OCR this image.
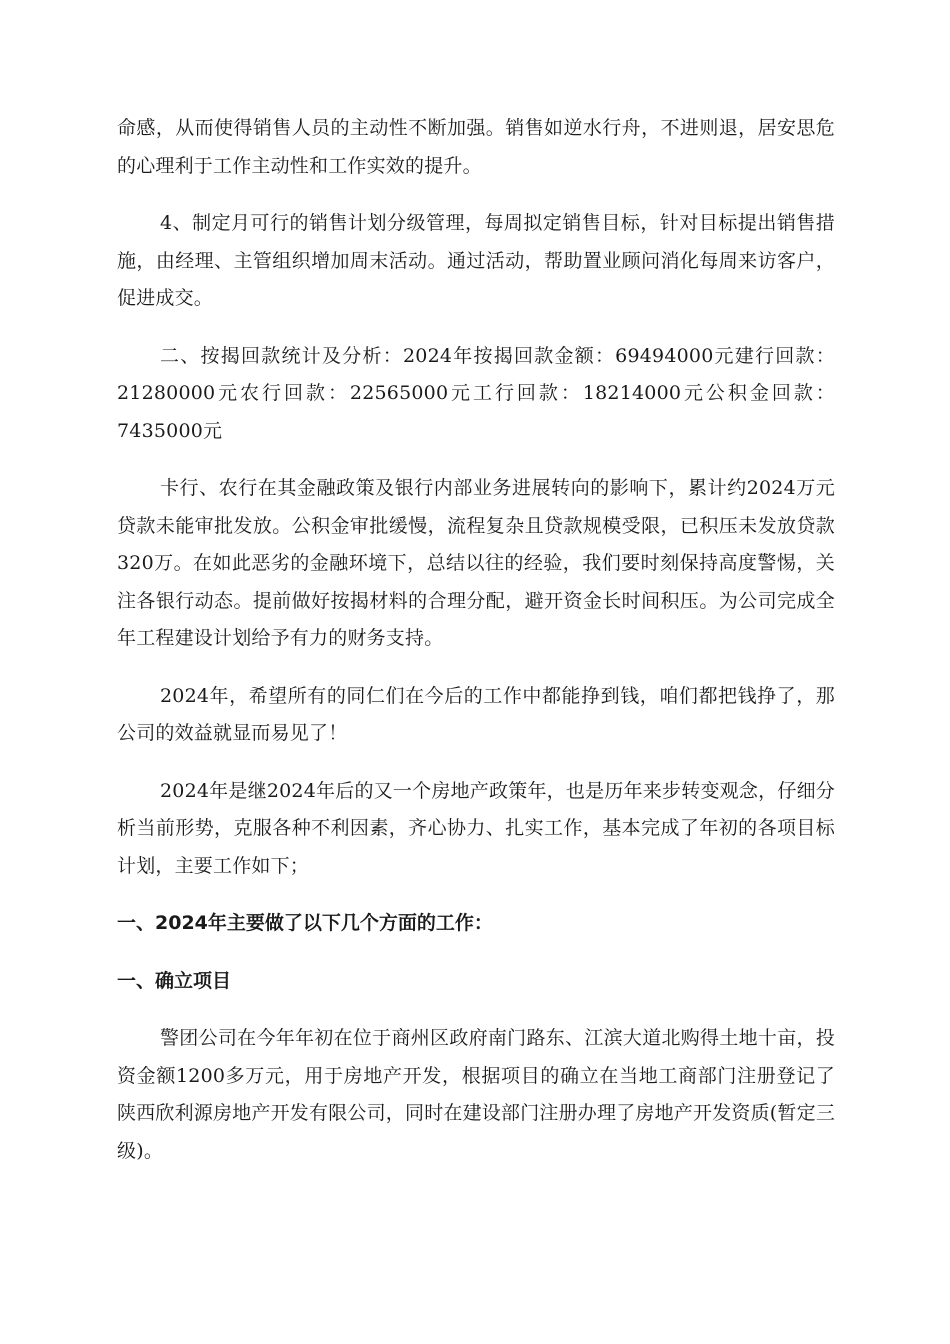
命感，从而使得销售人员的主动性不断加强。销售如逆水行舟，不进则退，居安思危的心理利于工作主动性和工作实效的提升。

4、制定月可行的销售计划分级管理，每周拟定销售目标，针对目标提出销售措施，由经理、主管组织增加周末活动。通过活动，帮助置业顾问消化每周来访客户，促进成交。

二、按揭回款统计及分析：2024年按揭回款金额：69494000元建行回款：21280000元农行回款：22565000元工行回款：18214000元公积金回款：7435000元

卡行、农行在其金融政策及银行内部业务进展转向的影响下，累计约2024万元贷款未能审批发放。公积金审批缓慢，流程复杂且贷款规模受限，已积压未发放贷款320万。在如此恶劣的金融环境下，总结以往的经验，我们要时刻保持高度警惕，关注各银行动态。提前做好按揭材料的合理分配，避开资金长时间积压。为公司完成全年工程建设计划给予有力的财务支持。

2024年，希望所有的同仁们在今后的工作中都能挣到钱，咱们都把钱挣了，那公司的效益就显而易见了！

2024年是继2024年后的又一个房地产政策年，也是历年来步转变观念，仔细分析当前形势，克服各种不利因素，齐心协力、扎实工作，基本完成了年初的各项目标计划，主要工作如下；

一、2024年主要做了以下几个方面的工作：

一、确立项目

警团公司在今年年初在位于商州区政府南门路东、江滨大道北购得土地十亩，投资金额1200多万元，用于房地产开发，根据项目的确立在当地工商部门注册登记了陕西欣利源房地产开发有限公司，同时在建设部门注册办理了房地产开发资质(暂定三级)。
